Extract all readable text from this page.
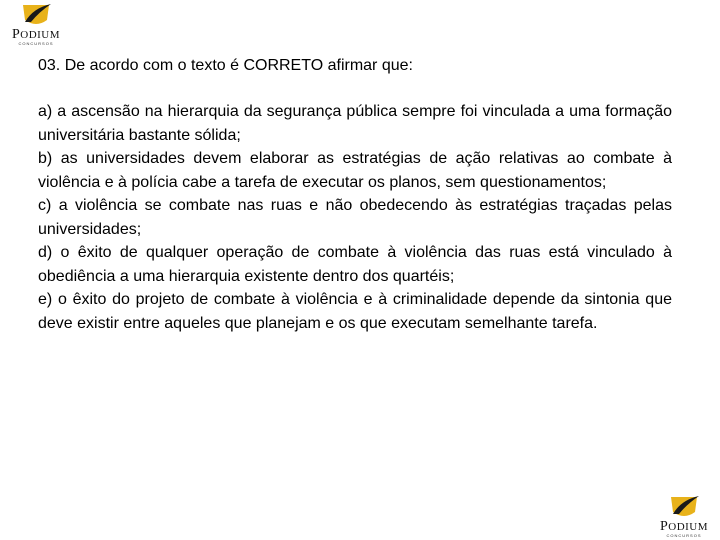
PODIUM
CONCURSOS
03. De acordo com o texto é CORRETO afirmar que:

a) a ascensão na hierarquia da segurança pública sempre foi vinculada a uma formação universitária bastante sólida;

b) as universidades devem elaborar as estratégias de ação relativas ao combate à violência e à polícia cabe a tarefa de executar os planos, sem questionamentos;

c) a violência se combate nas ruas e não obedecendo às estratégias traçadas pelas universidades;

d) o êxito de qualquer operação de combate à violência das ruas está vinculado à obediência a uma hierarquia existente dentro dos quartéis;

e) o êxito do projeto de combate à violência e à criminalidade depende da sintonia que deve existir entre aqueles que planejam e os que executam semelhante tarefa.

PODIUM
CONCURSOS
